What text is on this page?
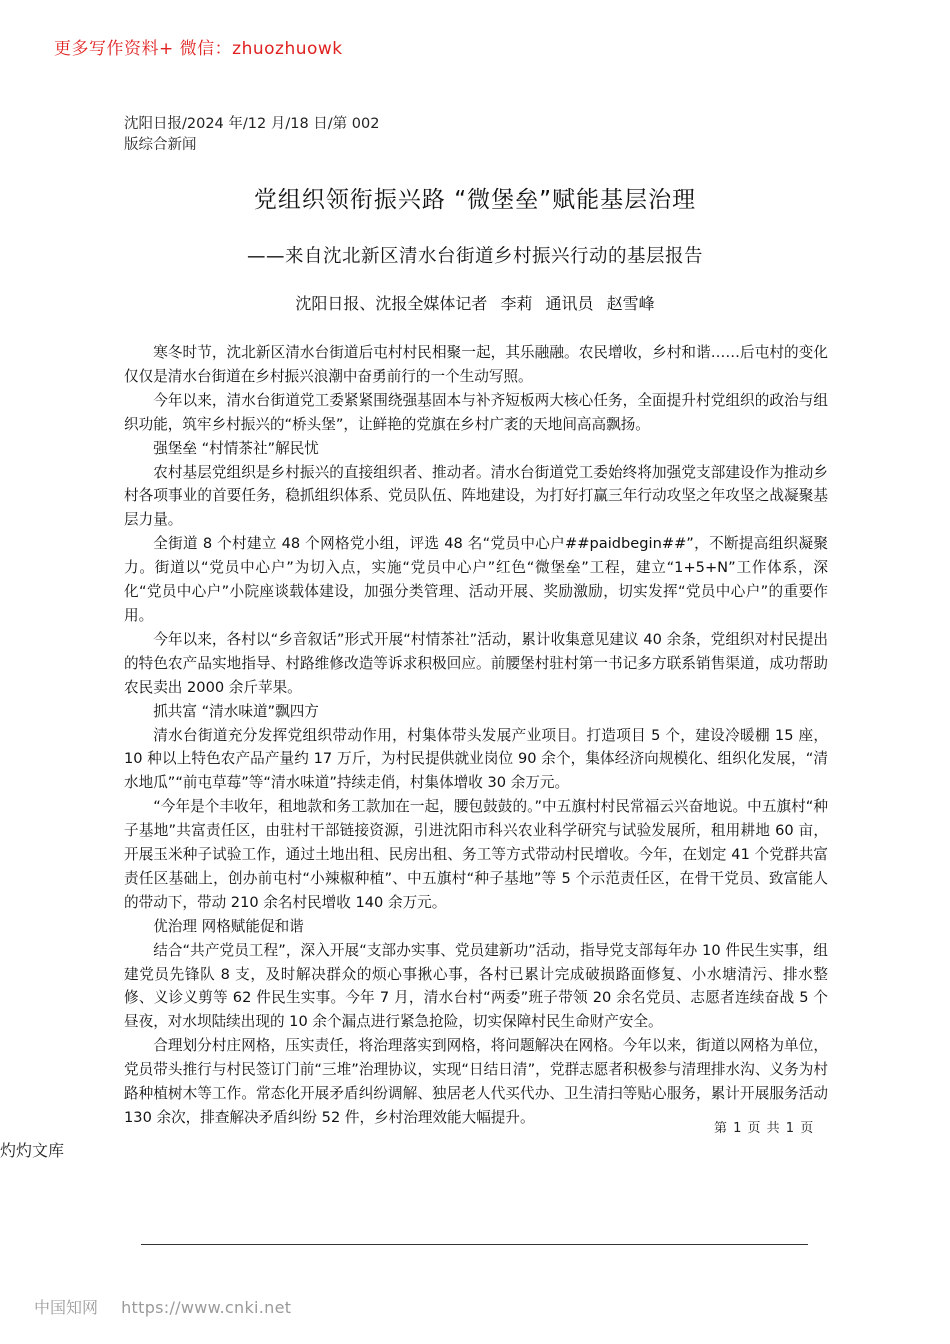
更多写作资料+ 微信：zhuozhuowk
沈阳日报/2024 年/12 月/18 日/第 002
版综合新闻
党组织领衔振兴路 “微堡垒”赋能基层治理
——来自沈北新区清水台街道乡村振兴行动的基层报告
沈阳日报、沈报全媒体记者 李莉 通讯员 赵雪峰

寒冬时节，沈北新区清水台街道后屯村村民相聚一起，其乐融融。农民增收，乡村和谐……后屯村的变化仅仅是清水台街道在乡村振兴浪潮中奋勇前行的一个生动写照。

今年以来，清水台街道党工委紧紧围绕强基固本与补齐短板两大核心任务，全面提升村党组织的政治与组织功能，筑牢乡村振兴的“桥头堡”，让鲜艳的党旗在乡村广袤的天地间高高飘扬。

强堡垒 “村情茶社”解民忧

农村基层党组织是乡村振兴的直接组织者、推动者。清水台街道党工委始终将加强党支部建设作为推动乡村各项事业的首要任务，稳抓组织体系、党员队伍、阵地建设，为打好打赢三年行动攻坚之年攻坚之战凝聚基层力量。

全街道 8 个村建立 48 个网格党小组，评选 48 名“党员中心户##paidbegin##”，不断提高组织凝聚力。街道以“党员中心户”为切入点，实施“党员中心户”红色“微堡垒”工程，建立“1+5+N”工作体系，深化“党员中心户”小院座谈载体建设，加强分类管理、活动开展、奖励激励，切实发挥“党员中心户”的重要作用。

今年以来，各村以“乡音叙话”形式开展“村情茶社”活动，累计收集意见建议 40 余条，党组织对村民提出的特色农产品实地指导、村路维修改造等诉求积极回应。前腰堡村驻村第一书记多方联系销售渠道，成功帮助农民卖出 2000 余斤苹果。

抓共富 “清水味道”飘四方

清水台街道充分发挥党组织带动作用，村集体带头发展产业项目。打造项目 5 个，建设冷暖棚 15 座，10 种以上特色农产品产量约 17 万斤，为村民提供就业岗位 90 余个，集体经济向规模化、组织化发展，“清水地瓜”“前屯草莓”等“清水味道”持续走俏，村集体增收 30 余万元。

“今年是个丰收年，租地款和务工款加在一起，腰包鼓鼓的。”中五旗村村民常福云兴奋地说。中五旗村“种子基地”共富责任区，由驻村干部链接资源，引进沈阳市科兴农业科学研究与试验发展所，租用耕地 60 亩，开展玉米种子试验工作，通过土地出租、民房出租、务工等方式带动村民增收。今年，在划定 41 个党群共富责任区基础上，创办前屯村“小辣椒种植”、中五旗村“种子基地”等 5 个示范责任区，在骨干党员、致富能人的带动下，带动 210 余名村民增收 140 余万元。

优治理 网格赋能促和谐

结合“共产党员工程”，深入开展“支部办实事、党员建新功”活动，指导党支部每年办 10 件民生实事，组建党员先锋队 8 支，及时解决群众的烦心事揪心事，各村已累计完成破损路面修复、小水塘清污、排水整修、义诊义剪等 62 件民生实事。今年 7 月，清水台村“两委”班子带领 20 余名党员、志愿者连续奋战 5 个昼夜，对水坝陆续出现的 10 余个漏点进行紧急抢险，切实保障村民生命财产安全。

合理划分村庄网格，压实责任，将治理落实到网格，将问题解决在网格。今年以来，街道以网格为单位，党员带头推行与村民签订门前“三堆”治理协议，实现“日结日清”，党群志愿者积极参与清理排水沟、义务为村路种植树木等工作。常态化开展矛盾纠纷调解、独居老人代买代办、卫生清扫等贴心服务，累计开展服务活动 130 余次，排查解决矛盾纠纷 52 件，乡村治理效能大幅提升。

第 1 页 共 1 页
灼灼文库
中国知网 https://www.cnki.net
